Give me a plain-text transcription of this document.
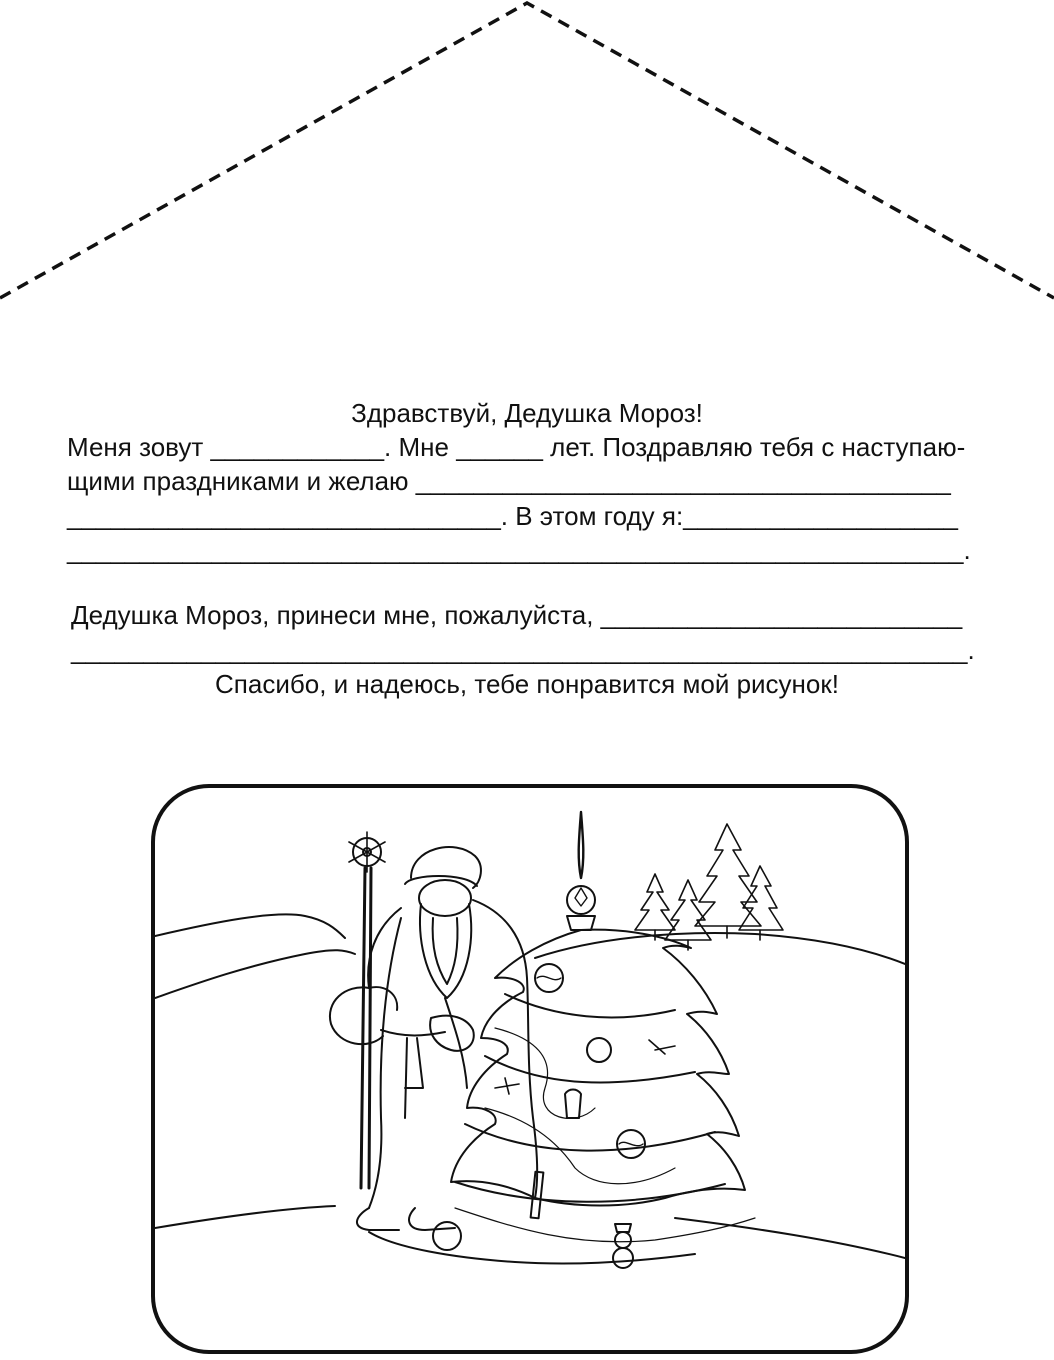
Здравствуй, Дедушка Мороз!

Меня зовут ____________. Мне ______ лет. Поздравляю тебя с наступаю-

щими праздниками и желаю _____________________________________

______________________________. В этом году я:___________________

______________________________________________________________.

Дедушка Мороз, принеси мне, пожалуйста, _________________________

______________________________________________________________.

Спасибо, и надеюсь, тебе понравится мой рисунок!
